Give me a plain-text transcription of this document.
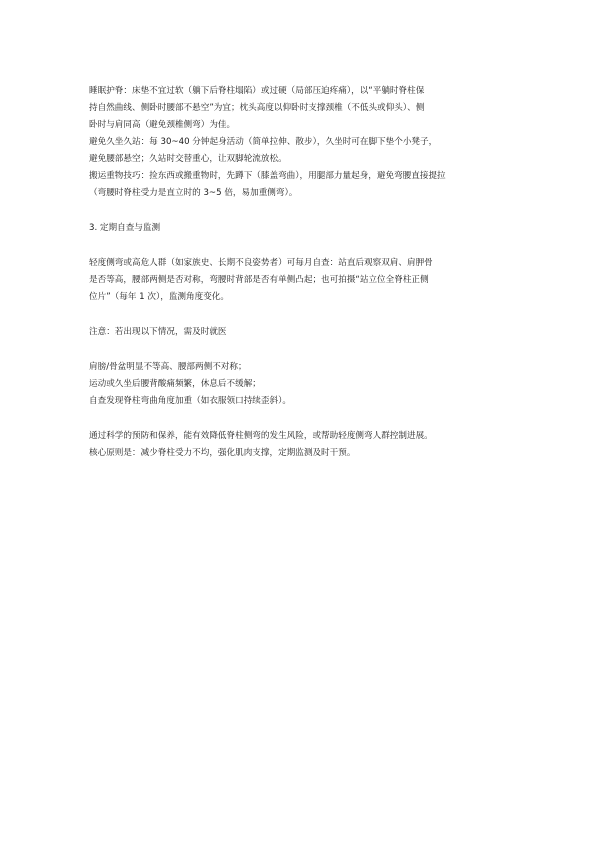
睡眠护脊：床垫不宜过软（躺下后脊柱塌陷）或过硬（局部压迫疼痛），以“平躺时脊柱保
持自然曲线、侧卧时腰部不悬空”为宜；枕头高度以仰卧时支撑颈椎（不低头或仰头）、侧
卧时与肩同高（避免颈椎侧弯）为佳。
避免久坐久站：每 30~40 分钟起身活动（简单拉伸、散步），久坐时可在脚下垫个小凳子，
避免腰部悬空；久站时交替重心，让双脚轮流放松。
搬运重物技巧：捡东西或搬重物时，先蹲下（膝盖弯曲），用腿部力量起身，避免弯腰直接提拉
（弯腰时脊柱受力是直立时的 3~5 倍，易加重侧弯）。
3. 定期自查与监测
轻度侧弯或高危人群（如家族史、长期不良姿势者）可每月自查：站直后观察双肩、肩胛骨
是否等高，腰部两侧是否对称，弯腰时背部是否有单侧凸起；也可拍摄“站立位全脊柱正侧
位片”（每年 1 次），监测角度变化。
注意：若出现以下情况，需及时就医
肩膀/骨盆明显不等高、腰部两侧不对称；
运动或久坐后腰背酸痛频繁，休息后不缓解；
自查发现脊柱弯曲角度加重（如衣服领口持续歪斜）。
通过科学的预防和保养，能有效降低脊柱侧弯的发生风险，或帮助轻度侧弯人群控制进展。
核心原则是：减少脊柱受力不均，强化肌肉支撑，定期监测及时干预。
